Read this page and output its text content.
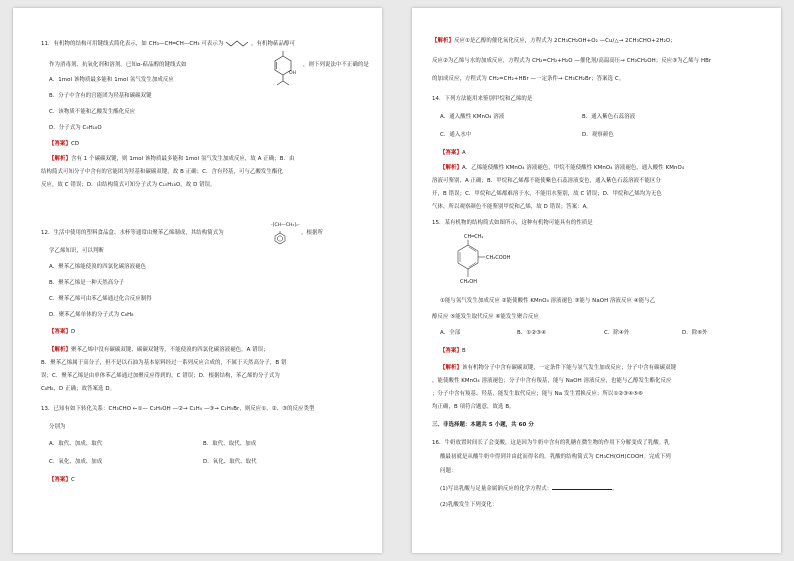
11．有机物的结构可用键线式简化表示，如 CH₃—CH═CH—CH₃ 可表示为	，有机物萜品醇可
OH
作为消毒剂、抗氧化剂和溶剂。已知α-萜品醇的键线式如	，则下列说法中不正确的是
A．1mol 该物质最多能和 1mol 氢气发生加成反应
B．分子中含有的官能团为羟基和碳碳双键
C．该物质不能和乙酸发生酯化反应
D．分子式为 C₉H₁₈O
【答案】CD
【解析】含有 1 个碳碳双键，则 1mol 该物质最多能和 1mol 氢气发生加成反应，故 A 正确；B．由
结构简式可知分子中含有的官能团为羟基和碳碳双键，故 B 正确；C．含有羟基，可与乙酸发生酯化
反应，故 C 错误；D．由结构简式可知分子式为 C₁₀H₁₈O，故 D 错误。
12．生活中使用的塑料食品盒、水杯等通常由聚苯乙烯制成，其结构简式为
-[CH—CH₂]ₙ-
。根据所
学乙烯知识，可以判断
A．聚苯乙烯能使溴的四氯化碳溶液褪色
B．聚苯乙烯是一种天然高分子
C．聚苯乙烯可由苯乙烯通过化合反应制得
D．聚苯乙烯单体的分子式为 C₈H₈
【答案】D
【解析】聚苯乙烯中没有碳碳双键、碳碳双键等，不能使溴的四氯化碳溶液褪色，A 错误；
B．聚苯乙烯属于高分子，但不是以石油为基本原料经过一系列反应合成的，不属于天然高分子，B 错
误；C．聚苯乙烯是由单体苯乙烯通过加聚反应得到的，C 错误；D．根据结构，苯乙烯的分子式为
C₈H₈，D 正确；故答案选 D。
13．已知有如下转化关系：CH₃CHO ←①— C₂H₅OH —②→ C₂H₄ —③→ C₂H₅Br，则反应①、②、③的反应类型
分别为
A．取代、加成、取代	B．取代、取代、加成
C．氧化、加成、加成	D．氧化、取代、取代
【答案】C
【解析】反应①是乙醇的催化氧化反应，方程式为 2CH₃CH₂OH+O₂ —Cu/△→ 2CH₃CHO+2H₂O；
反应②为乙烯与水的加成反应，方程式为 CH₂=CH₂+H₂O —催化剂/高温高压→ CH₃CH₂OH；反应③为乙烯与 HBr
的加成反应，方程式为 CH₂=CH₂+HBr —一定条件→ CH₃CH₂Br；答案选 C。
14．下列方法能用来鉴别甲烷和乙烯的是
A．通入酸性 KMnO₄ 溶液	B．通入紫色石蕊溶液
C．通入水中	D．观察颜色
【答案】A
【解析】A．乙烯能使酸性 KMnO₄ 溶液褪色，甲烷不能使酸性 KMnO₄ 溶液褪色，通入酸性 KMnO₄
溶液可鉴别，A 正确；B．甲烷和乙烯都不能使紫色石蕊溶液变色，通入紫色石蕊溶液不能区分
开，B 错误；C．甲烷和乙烯都难溶于水，不能用水鉴别，故 C 错误；D．甲烷和乙烯均为无色
气体，所以观察颜色不能鉴别甲烷和乙烯，故 D 错误；答案：A。
15．某有机物的结构简式如图所示，这种有机物可能具有的性质是
CH═CH₂
CH₂COOH
CH₂OH
①能与氢气发生加成反应 ②能使酸性 KMnO₄ 溶液褪色 ③能与 NaOH 溶液反应 ④能与乙
醇反应 ⑤能发生取代反应 ⑥能发生聚合反应
A．全部	B．①②③④	C．除④外	D．除⑥外
【答案】B
【解析】该有机物分子中含有碳碳双键，一定条件下能与氢气发生加成反应；分子中含有碳碳双键
，能使酸性 KMnO₄ 溶液褪色；分子中含有羧基，能与 NaOH 溶液反应，也能与乙醇发生酯化反应
；分子中含有羧基、羟基，能发生取代反应；能与 Na 发生置换反应；所以①②③④⑤⑥
均正确，B 项符合题意，故选 B。
三、非选择题：本题共 5 小题，共 60 分
16．牛奶放置时间长了会变酸，这是因为牛奶中含有的乳糖在微生物的作用下分解变成了乳酸。乳
酸最初就是从酸牛奶中得到并由此而得名的。乳酸的结构简式为 CH₃CH(OH)COOH。完成下列
问题：
(1)写出乳酸与足量金属钠反应的化学方程式：	。
(2)乳酸发生下列变化：
